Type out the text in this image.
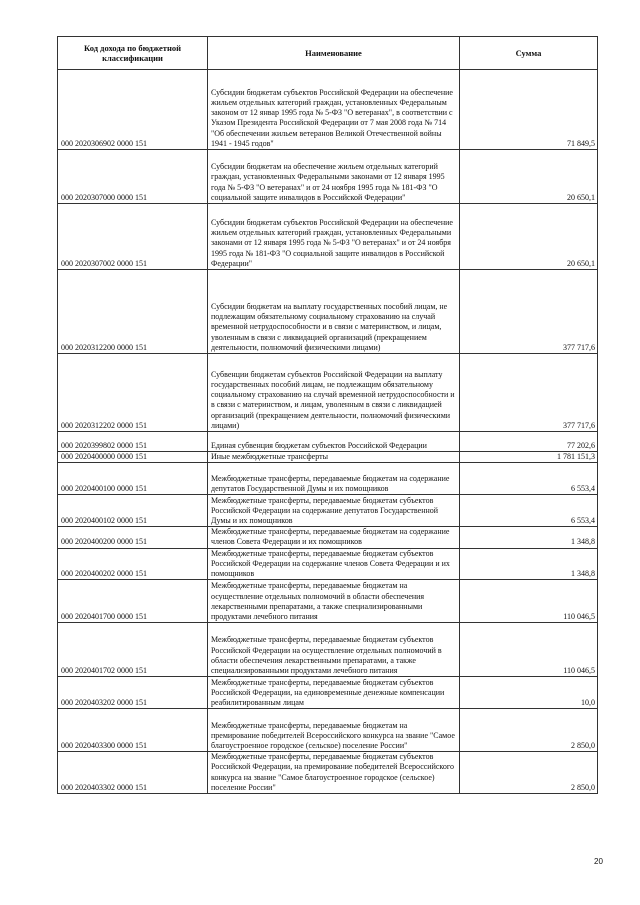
Код дохода по бюджетной классификации	Наименование	Сумма
000 2020306902 0000 151	Субсидии бюджетам субъектов Российской Федерации на обеспечение жильем отдельных категорий граждан, установленных Федеральным законом от 12 январ 1995 года № 5-ФЗ "О ветеранах", в соответствии с Указом Президента Российской Федерации от 7 мая 2008 года № 714 "Об обеспечении жильем ветеранов Великой Отечественной войны 1941 - 1945 годов"	71 849,5
000 2020307000 0000 151	Субсидии бюджетам на обеспечение жильем отдельных категорий граждан, установленных Федеральными законами от 12 января 1995 года № 5-ФЗ "О ветеранах" и от 24 ноября 1995 года № 181-ФЗ "О социальной защите инвалидов в Российской Федерации"	20 650,1
000 2020307002 0000 151	Субсидии бюджетам субъектов Российской Федерации на обеспечение жильем отдельных категорий граждан, установленных Федеральными законами от 12 января 1995 года № 5-ФЗ "О ветеранах" и от 24 ноября 1995 года № 181-ФЗ "О социальной защите инвалидов в Российской Федерации"	20 650,1
000 2020312200 0000 151	Субсидии бюджетам на выплату государственных пособий лицам, не подлежащим обязательному социальному страхованию на случай временной нетрудоспособности и в связи с материнством, и лицам, уволенным в связи с ликвидацией организаций (прекращением деятельности, полномочий физическими лицами)	377 717,6
000 2020312202 0000 151	Субвенции бюджетам субъектов Российской Федерации на выплату государственных пособий лицам, не подлежащим обязательному социальному страхованию на случай временной нетрудоспособности и в связи с материнством, и лицам, уволенным в связи с ликвидацией организаций (прекращением деятельности, полномочий физическими лицами)	377 717,6
000 2020399802 0000 151	Единая субвенция бюджетам субъектов Российской Федерации	77 202,6
000 2020400000 0000 151	Иные межбюджетные трансферты	1 781 151,3
000 2020400100 0000 151	Межбюджетные трансферты, передаваемые бюджетам на содержание депутатов Государственной Думы и их помощников	6 553,4
000 2020400102 0000 151	Межбюджетные трансферты, передаваемые бюджетам субъектов Российской Федерации на содержание депутатов Государственной Думы и их помощников	6 553,4
000 2020400200 0000 151	Межбюджетные трансферты, передаваемые бюджетам на содержание членов Совета Федерации и их помощников	1 348,8
000 2020400202 0000 151	Межбюджетные трансферты, передаваемые бюджетам субъектов Российской Федерации на содержание членов Совета Федерации и их помощников	1 348,8
000 2020401700 0000 151	Межбюджетные трансферты, передаваемые бюджетам на осуществление отдельных полномочий в области обеспечения лекарственными препаратами, а также специализированными продуктами лечебного питания	110 046,5
000 2020401702 0000 151	Межбюджетные трансферты, передаваемые бюджетам субъектов Российской Федерации на осуществление отдельных полномочий в области обеспечения лекарственными препаратами, а также специализированными продуктами лечебного питания	110 046,5
000 2020403202 0000 151	Межбюджетные трансферты, передаваемые бюджетам субъектов Российской Федерации, на единовременные денежные компенсации реабилитированным лицам	10,0
000 2020403300 0000 151	Межбюджетные трансферты, передаваемые бюджетам на премирование победителей Всероссийского конкурса на звание "Самое благоустроенное городское (сельское) поселение России"	2 850,0
000 2020403302 0000 151	Межбюджетные трансферты, передаваемые бюджетам субъектов Российской Федерации, на премирование победителей Всероссийского конкурса на звание "Самое благоустроенное городское (сельское) поселение России"	2 850,0
20
